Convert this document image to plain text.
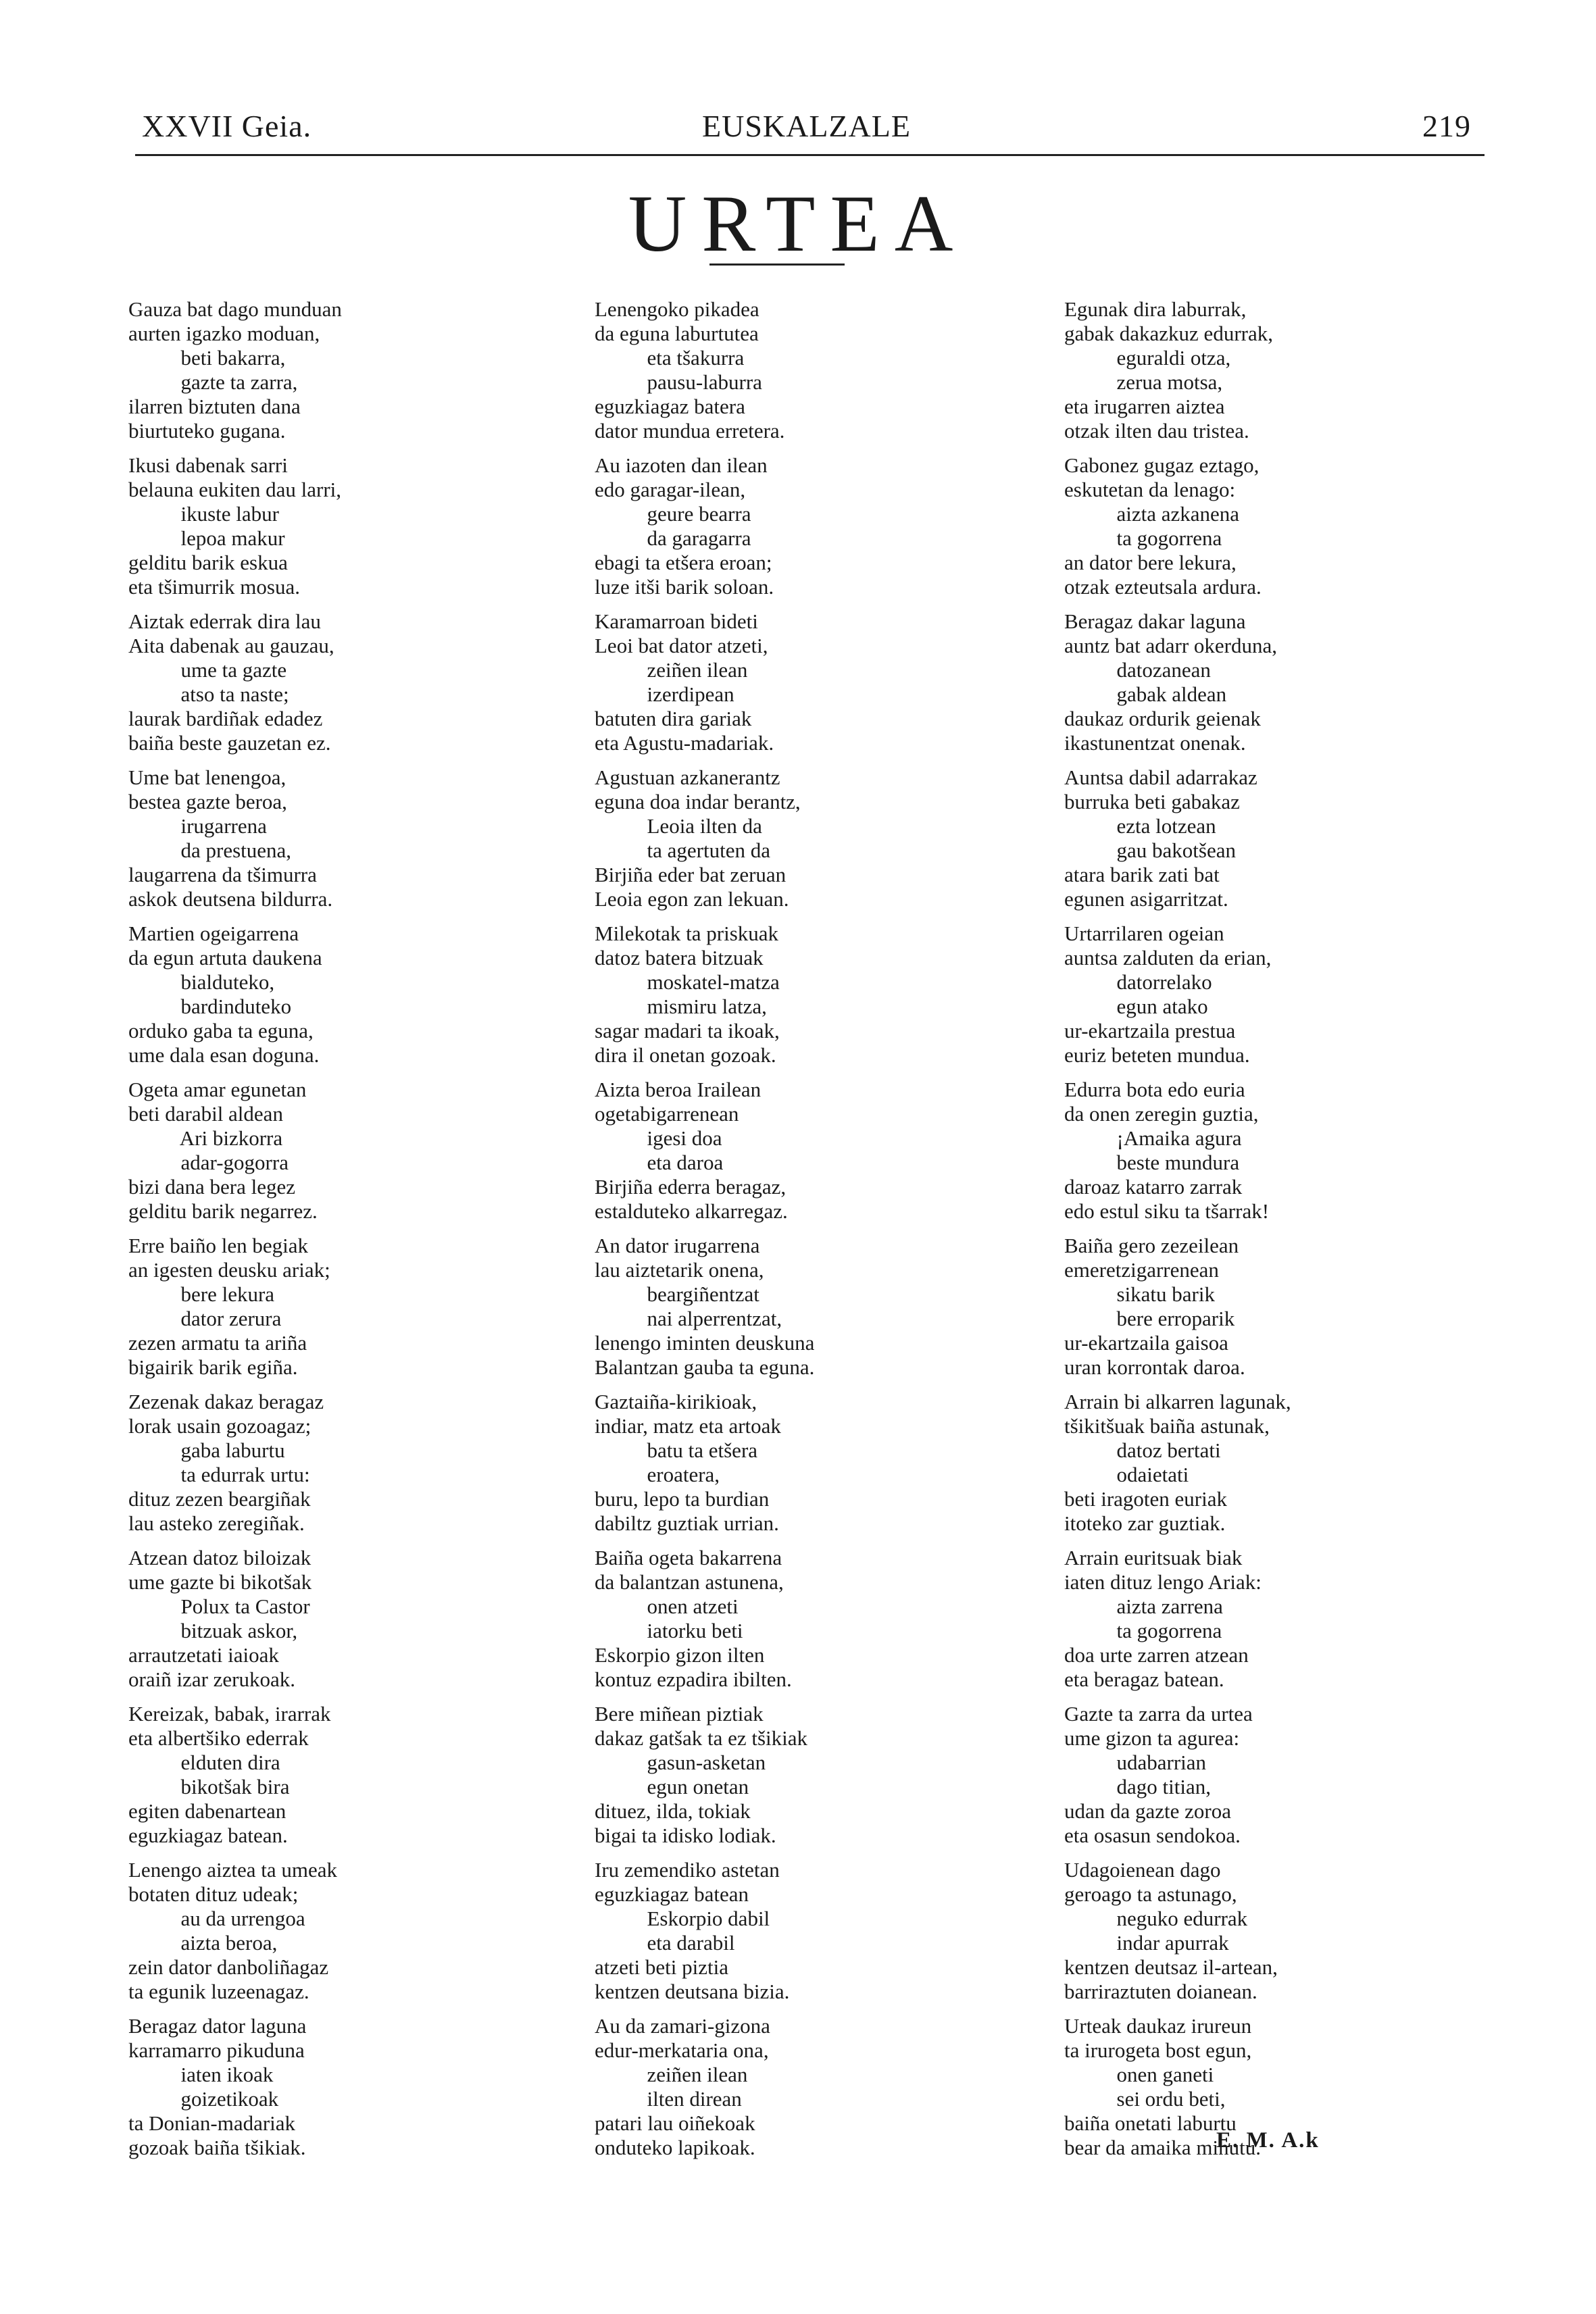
XXVII Geia.	EUSKALZALE	219
URTEA
Gauza bat dago munduan
aurten igazko moduan,
beti bakarra,
gazte ta zarra,
ilarren biztuten dana
biurtuteko gugana.
Ikusi dabenak sarri
belauna eukiten dau larri,
ikuste labur
lepoa makur
gelditu barik eskua
eta tšimurrik mosua.
Aiztak ederrak dira lau
Aita dabenak au gauzau,
ume ta gazte
atso ta naste;
laurak bardiñak edadez
baiña beste gauzetan ez.
Ume bat lenengoa,
bestea gazte beroa,
irugarrena
da prestuena,
laugarrena da tšimurra
askok deutsena bildurra.
Martien ogeigarrena
da egun artuta daukena
bialduteko,
bardinduteko
orduko gaba ta eguna,
ume dala esan doguna.
Ogeta amar egunetan
beti darabil aldean
Ari bizkorra
adar-gogorra
bizi dana bera legez
gelditu barik negarrez.
Erre baiño len begiak
an igesten deusku ariak;
bere lekura
dator zerura
zezen armatu ta ariña
bigairik barik egiña.
Zezenak dakaz beragaz
lorak usain gozoagaz;
gaba laburtu
ta edurrak urtu:
dituz zezen beargiñak
lau asteko zeregiñak.
Atzean datoz biloizak
ume gazte bi bikotšak
Polux ta Castor
bitzuak askor,
arrautzetati iaioak
oraiñ izar zerukoak.
Kereizak, babak, irarrak
eta albertšiko ederrak
elduten dira
bikotšak bira
egiten dabenartean
eguzkiagaz batean.
Lenengo aiztea ta umeak
botaten dituz udeak;
au da urrengoa
aizta beroa,
zein dator danboliñagaz
ta egunik luzeenagaz.
Beragaz dator laguna
karramarro pikuduna
iaten ikoak
goizetikoak
ta Donian-madariak
gozoak baiña tšikiak.
Lenengoko pikadea
da eguna laburtutea
eta tšakurra
pausu-laburra
eguzkiagaz batera
dator mundua erretera.
Au iazoten dan ilean
edo garagar-ilean,
geure bearra
da garagarra
ebagi ta etšera eroan;
luze itši barik soloan.
Karamarroan bideti
Leoi bat dator atzeti,
zeiñen ilean
izerdipean
batuten dira gariak
eta Agustu-madariak.
Agustuan azkanerantz
eguna doa indar berantz,
Leoia ilten da
ta agertuten da
Birjiña eder bat zeruan
Leoia egon zan lekuan.
Milekotak ta priskuak
datoz batera bitzuak
moskatel-matza
mismiru latza,
sagar madari ta ikoak,
dira il onetan gozoak.
Aizta beroa Irailean
ogetabigarrenean
igesi doa
eta daroa
Birjiña ederra beragaz,
estalduteko alkarregaz.
An dator irugarrena
lau aiztetarik onena,
beargiñentzat
nai alperrentzat,
lenengo iminten deuskuna
Balantzan gauba ta eguna.
Gaztaiña-kirikioak,
indiar, matz eta artoak
batu ta etšera
eroatera,
buru, lepo ta burdian
dabiltz guztiak urrian.
Baiña ogeta bakarrena
da balantzan astunena,
onen atzeti
iatorku beti
Eskorpio gizon ilten
kontuz ezpadira ibilten.
Bere miñean piztiak
dakaz gatšak ta ez tšikiak
gasun-asketan
egun onetan
dituez, ilda, tokiak
bigai ta idisko lodiak.
Iru zemendiko astetan
eguzkiagaz batean
Eskorpio dabil
eta darabil
atzeti beti piztia
kentzen deutsana bizia.
Au da zamari-gizona
edur-merkataria ona,
zeiñen ilean
ilten direan
patari lau oiñekoak
onduteko lapikoak.
Egunak dira laburrak,
gabak dakazkuz edurrak,
eguraldi otza,
zerua motsa,
eta irugarren aiztea
otzak ilten dau tristea.
Gabonez gugaz eztago,
eskutetan da lenago:
aizta azkanena
ta gogorrena
an dator bere lekura,
otzak ezteutsala ardura.
Beragaz dakar laguna
auntz bat adarr okerduna,
datozanean
gabak aldean
daukaz ordurik geienak
ikastunentzat onenak.
Auntsa dabil adarrakaz
burruka beti gabakaz
ezta lotzean
gau bakotšean
atara barik zati bat
egunen asigarritzat.
Urtarrilaren ogeian
auntsa zalduten da erian,
datorrelako
egun atako
ur-ekartzaila prestua
euriz beteten mundua.
Edurra bota edo euria
da onen zeregin guztia,
¡Amaika agura
beste mundura
daroaz katarro zarrak
edo estul siku ta tšarrak!
Baiña gero zezeilean
emeretzigarrenean
sikatu barik
bere erroparik
ur-ekartzaila gaisoa
uran korrontak daroa.
Arrain bi alkarren lagunak,
tšikitšuak baiña astunak,
datoz bertati
odaietati
beti iragoten euriak
itoteko zar guztiak.
Arrain euritsuak biak
iaten dituz lengo Ariak:
aizta zarrena
ta gogorrena
doa urte zarren atzean
eta beragaz batean.
Gazte ta zarra da urtea
ume gizon ta agurea:
udabarrian
dago titian,
udan da gazte zoroa
eta osasun sendokoa.
Udagoienean dago
geroago ta astunago,
neguko edurrak
indar apurrak
kentzen deutsaz il-artean,
barriraztuten doianean.
Urteak daukaz irureun
ta irurogeta bost egun,
onen ganeti
sei ordu beti,
baiña onetati laburtu
bear da amaika minutu.
E. M. A.k
